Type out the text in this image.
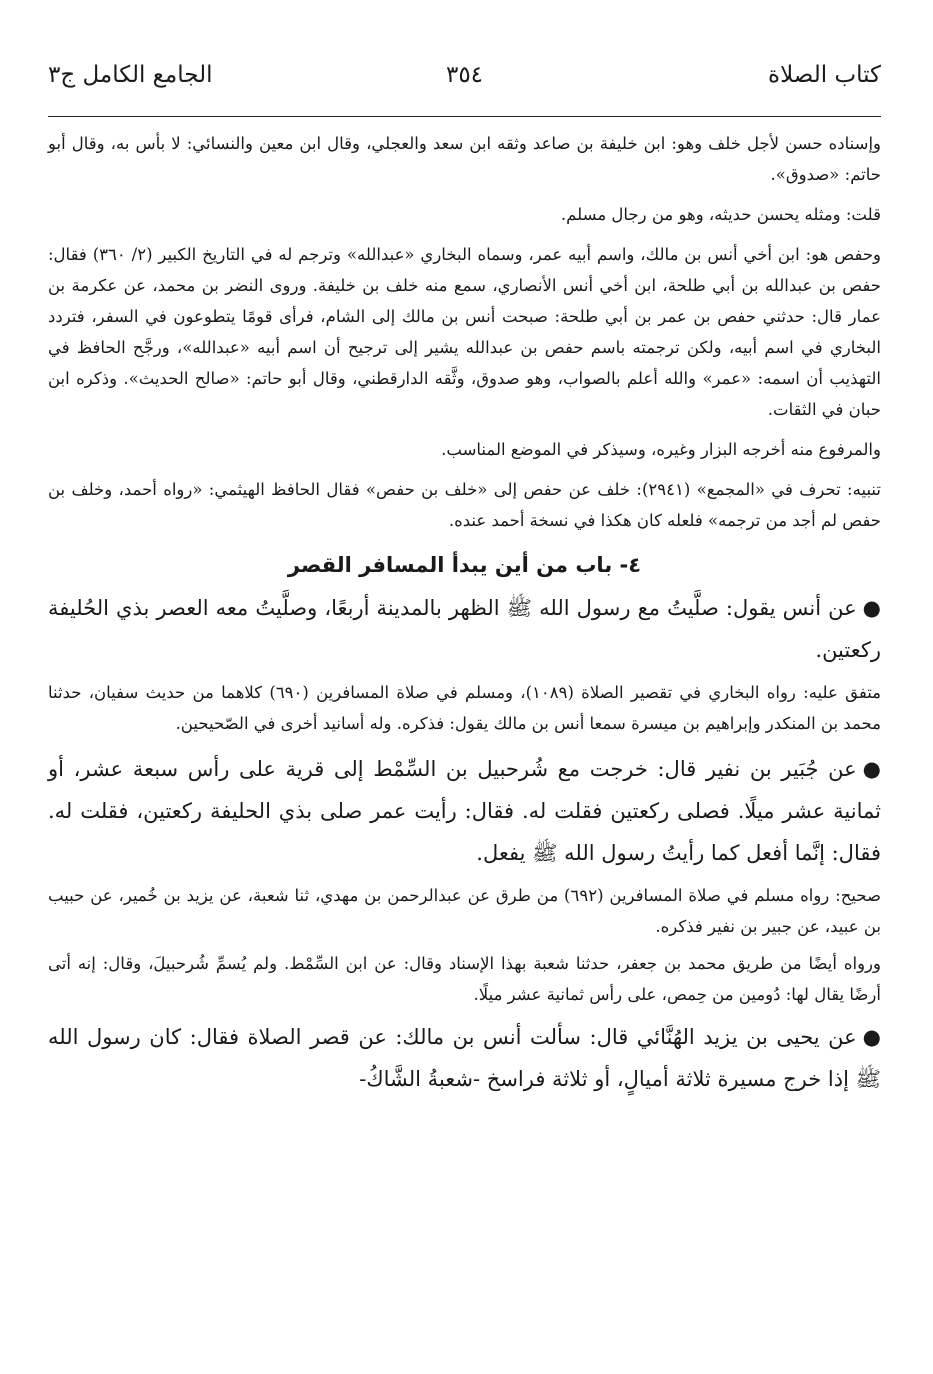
كتاب الصلاة
٣٥٤
الجامع الكامل ج٣

وإسناده حسن لأجل خلف وهو: ابن خليفة بن صاعد وثقه ابن سعد والعجلي، وقال ابن معين والنسائي: لا بأس به، وقال أبو حاتم: «صدوق».

قلت: ومثله يحسن حديثه، وهو من رجال مسلم.

وحفص هو: ابن أخي أنس بن مالك، واسم أبيه عمر، وسماه البخاري «عبدالله» وترجم له في التاريخ الكبير (٢/ ٣٦٠) فقال: حفص بن عبدالله بن أبي طلحة، ابن أخي أنس الأنصاري، سمع منه خلف بن خليفة. وروى النضر بن محمد، عن عكرمة بن عمار قال: حدثني حفص بن عمر بن أبي طلحة: صبحت أنس بن مالك إلى الشام، فرأى قومًا يتطوعون في السفر، فتردد البخاري في اسم أبيه، ولكن ترجمته باسم حفص بن عبدالله يشير إلى ترجيح أن اسم أبيه «عبدالله»، ورجَّح الحافظ في التهذيب أن اسمه: «عمر» والله أعلم بالصواب، وهو صدوق، وثَّقه الدارقطني، وقال أبو حاتم: «صالح الحديث». وذكره ابن حبان في الثقات.

والمرفوع منه أخرجه البزار وغيره، وسيذكر في الموضع المناسب.

تنبيه: تحرف في «المجمع» (٢٩٤١): خلف عن حفص إلى «خلف بن حفص» فقال الحافظ الهيثمي: «رواه أحمد، وخلف بن حفص لم أجد من ترجمه» فلعله كان هكذا في نسخة أحمد عنده.

٤- باب من أين يبدأ المسافر القصر

●عن أنس يقول: صلَّيتُ مع رسول الله ﷺ الظهر بالمدينة أربعًا، وصلَّيتُ معه العصر بذي الحُليفة ركعتين.

متفق عليه: رواه البخاري في تقصير الصلاة (١٠٨٩)، ومسلم في صلاة المسافرين (٦٩٠) كلاهما من حديث سفيان، حدثنا محمد بن المنكدر وإبراهيم بن ميسرة سمعا أنس بن مالك يقول: فذكره. وله أسانيد أخرى في الصّحيحين.

●عن جُبَير بن نفير قال: خرجت مع شُرحبيل بن السِّمْط إلى قرية على رأس سبعة عشر، أو ثمانية عشر ميلًا. فصلى ركعتين فقلت له. فقال: رأيت عمر صلى بذي الحليفة ركعتين، فقلت له. فقال: إنَّما أفعل كما رأيتُ رسول الله ﷺ يفعل.

صحيح: رواه مسلم في صلاة المسافرين (٦٩٢) من طرق عن عبدالرحمن بن مهدي، ثنا شعبة، عن يزيد بن خُمير، عن حبيب بن عبيد، عن جبير بن نفير فذكره.

ورواه أيضًا من طريق محمد بن جعفر، حدثنا شعبة بهذا الإسناد وقال: عن ابن السِّمْط. ولم يُسمِّ شُرحبيلَ، وقال: إنه أتى أرضًا يقال لها: دُومين من حِمص، على رأس ثمانية عشر ميلًا.

●عن يحيى بن يزيد الهُنَّائي قال: سألت أنس بن مالك: عن قصر الصلاة فقال: كان رسول الله ﷺ إذا خرج مسيرة ثلاثة أميالٍ، أو ثلاثة فراسخ -شعبةُ الشَّاكُ-
